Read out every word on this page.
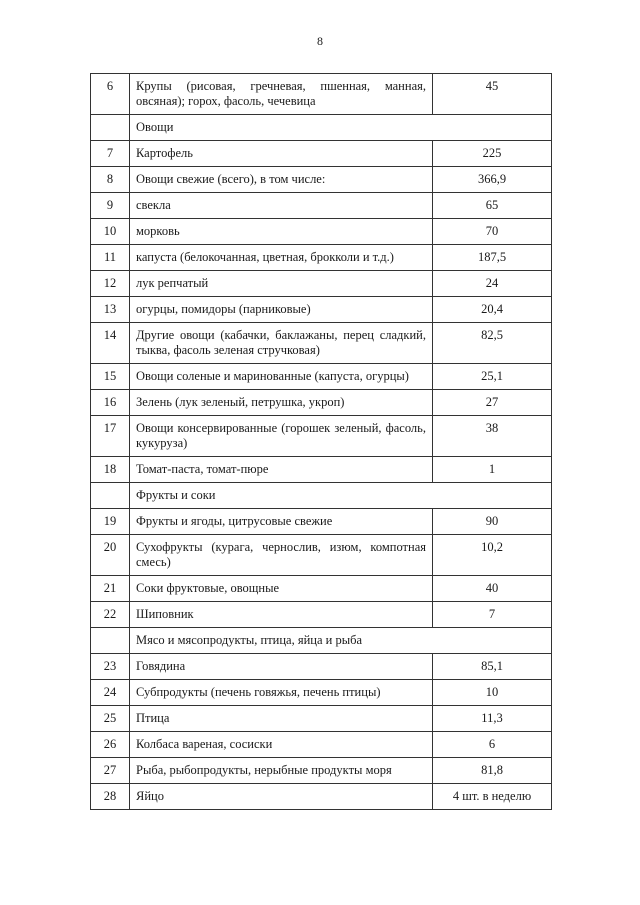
8
6	Крупы (рисовая, гречневая, пшенная, манная, овсяная); горох, фасоль, чечевица	45
	Овощи	
7	Картофель	225
8	Овощи свежие (всего), в том числе:	366,9
9	свекла	65
10	морковь	70
11	капуста (белокочанная, цветная, брокколи и т.д.)	187,5
12	лук репчатый	24
13	огурцы, помидоры (парниковые)	20,4
14	Другие овощи (кабачки, баклажаны, перец сладкий, тыква, фасоль зеленая стручковая)	82,5
15	Овощи соленые и маринованные (капуста, огурцы)	25,1
16	Зелень (лук зеленый, петрушка, укроп)	27
17	Овощи консервированные (горошек зеленый, фасоль, кукуруза)	38
18	Томат-паста, томат-пюре	1
	Фрукты и соки	
19	Фрукты и ягоды, цитрусовые свежие	90
20	Сухофрукты (курага, чернослив, изюм, компотная смесь)	10,2
21	Соки фруктовые, овощные	40
22	Шиповник	7
	Мясо и мясопродукты, птица, яйца и рыба	
23	Говядина	85,1
24	Субпродукты (печень говяжья, печень птицы)	10
25	Птица	11,3
26	Колбаса вареная, сосиски	6
27	Рыба, рыбопродукты, нерыбные продукты моря	81,8
28	Яйцо	4 шт. в неделю
